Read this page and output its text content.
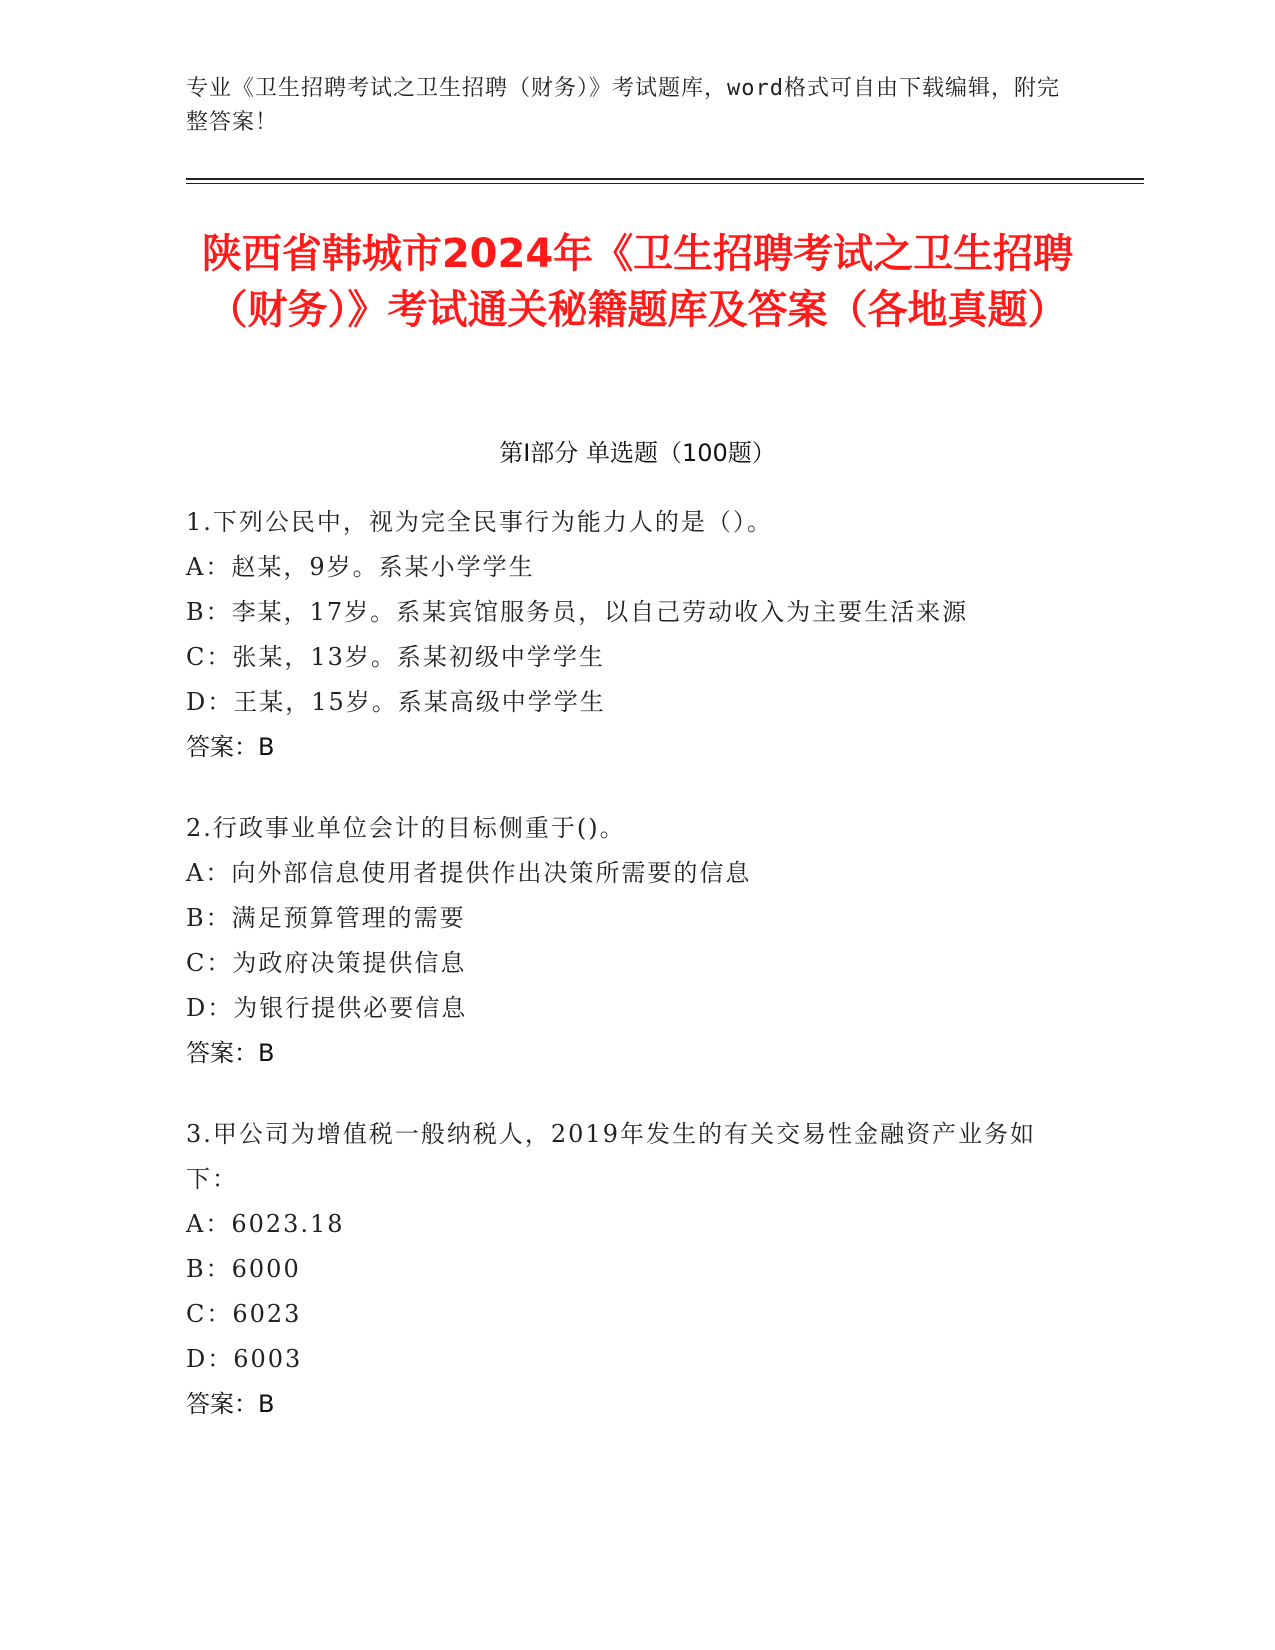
专业《卫生招聘考试之卫生招聘（财务）》考试题库，word格式可自由下载编辑，附完整答案！
陕西省韩城市2024年《卫生招聘考试之卫生招聘（财务）》考试通关秘籍题库及答案（各地真题）
第I部分 单选题（100题）
1.下列公民中，视为完全民事行为能力人的是（）。
A：赵某，9岁。系某小学学生
B：李某，17岁。系某宾馆服务员，以自己劳动收入为主要生活来源
C：张某，13岁。系某初级中学学生
D：王某，15岁。系某高级中学学生
答案：B
2.行政事业单位会计的目标侧重于()。
A：向外部信息使用者提供作出决策所需要的信息
B：满足预算管理的需要
C：为政府决策提供信息
D：为银行提供必要信息
答案：B
3.甲公司为增值税一般纳税人，2019年发生的有关交易性金融资产业务如下：
A：6023.18
B：6000
C：6023
D：6003
答案：B
